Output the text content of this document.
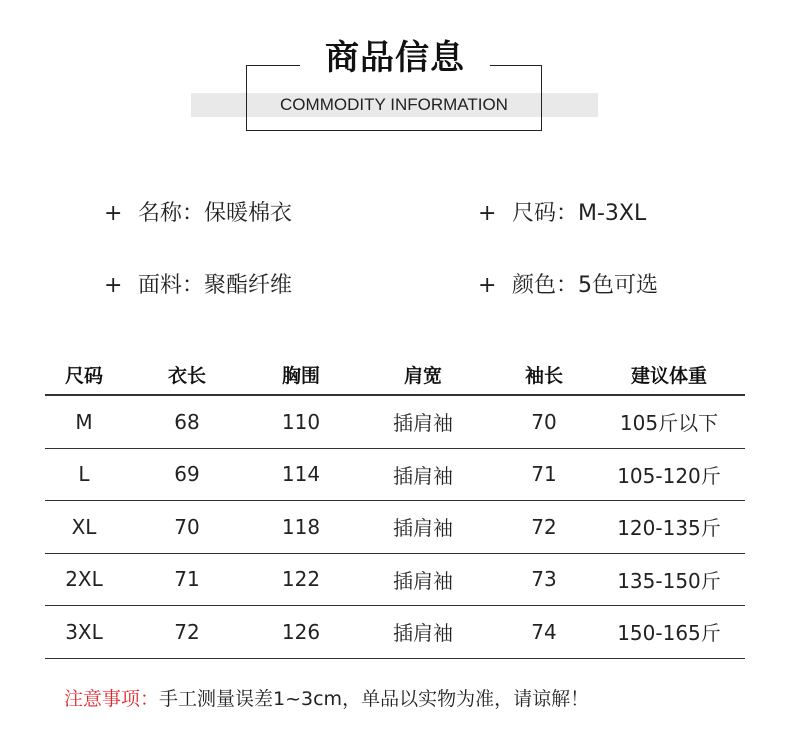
商品信息
COMMODITY INFORMATION
+ 名称：保暖棉衣	+ 尺码：M-3XL
+ 面料：聚酯纤维	+ 颜色：5色可选
尺码	衣长	胸围	肩宽	袖长	建议体重
M	68	110	插肩袖	70	105斤以下
L	69	114	插肩袖	71	105-120斤
XL	70	118	插肩袖	72	120-135斤
2XL	71	122	插肩袖	73	135-150斤
3XL	72	126	插肩袖	74	150-165斤
注意事项：手工测量误差1~3cm，单品以实物为准，请谅解！
